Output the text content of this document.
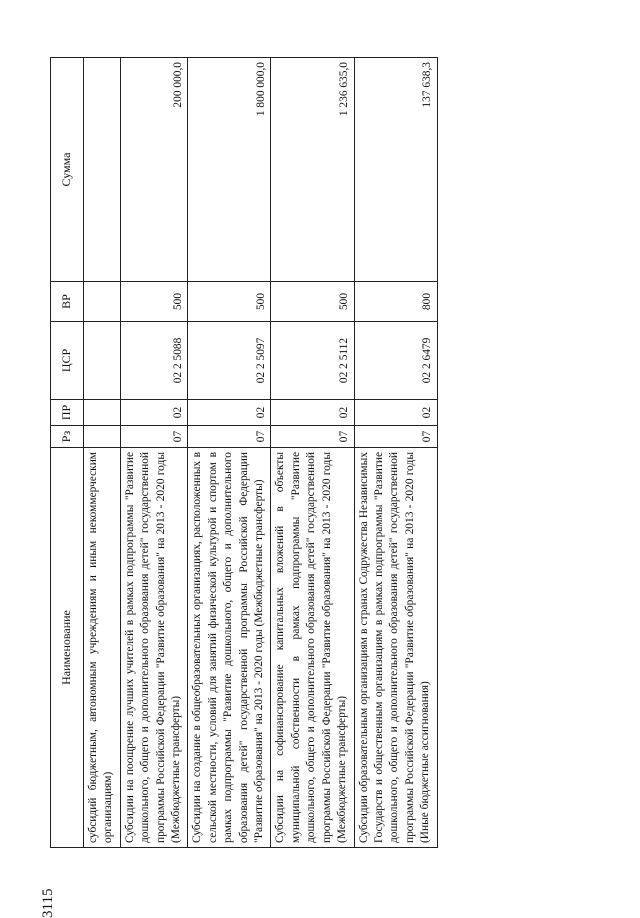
3115
Наименование	Рз	ПР	ЦСР	ВР	Сумма
субсидий бюджетным, автономным учреждениям и иным некоммерческим организациям)					
Субсидии на поощрение лучших учителей в рамках подпрограммы "Развитие дошкольного, общего и дополнительного образования детей" государственной программы Российской Федерации "Развитие образования" на 2013 - 2020 годы (Межбюджетные трансферты)	07	02	02 2 5088	500	200 000,0
Субсидии на создание в общеобразовательных организациях, расположенных в сельской местности, условий для занятий физической культурой и спортом в рамках подпрограммы "Развитие дошкольного, общего и дополнительного образования детей" государственной программы Российской Федерации "Развитие образования" на 2013 - 2020 годы (Межбюджетные трансферты)	07	02	02 2 5097	500	1 800 000,0
Субсидии на софинансирование капитальных вложений в объекты муниципальной собственности в рамках подпрограммы "Развитие дошкольного, общего и дополнительного образования детей" государственной программы Российской Федерации "Развитие образования" на 2013 - 2020 годы (Межбюджетные трансферты)	07	02	02 2 5112	500	1 236 635,0
Субсидии образовательным организациям в странах Содружества Независимых Государств и общественным организациям в рамках подпрограммы "Развитие дошкольного, общего и дополнительного образования детей" государственной программы Российской Федерации "Развитие образования" на 2013 - 2020 годы (Иные бюджетные ассигнования)	07	02	02 2 6479	800	137 638,3
